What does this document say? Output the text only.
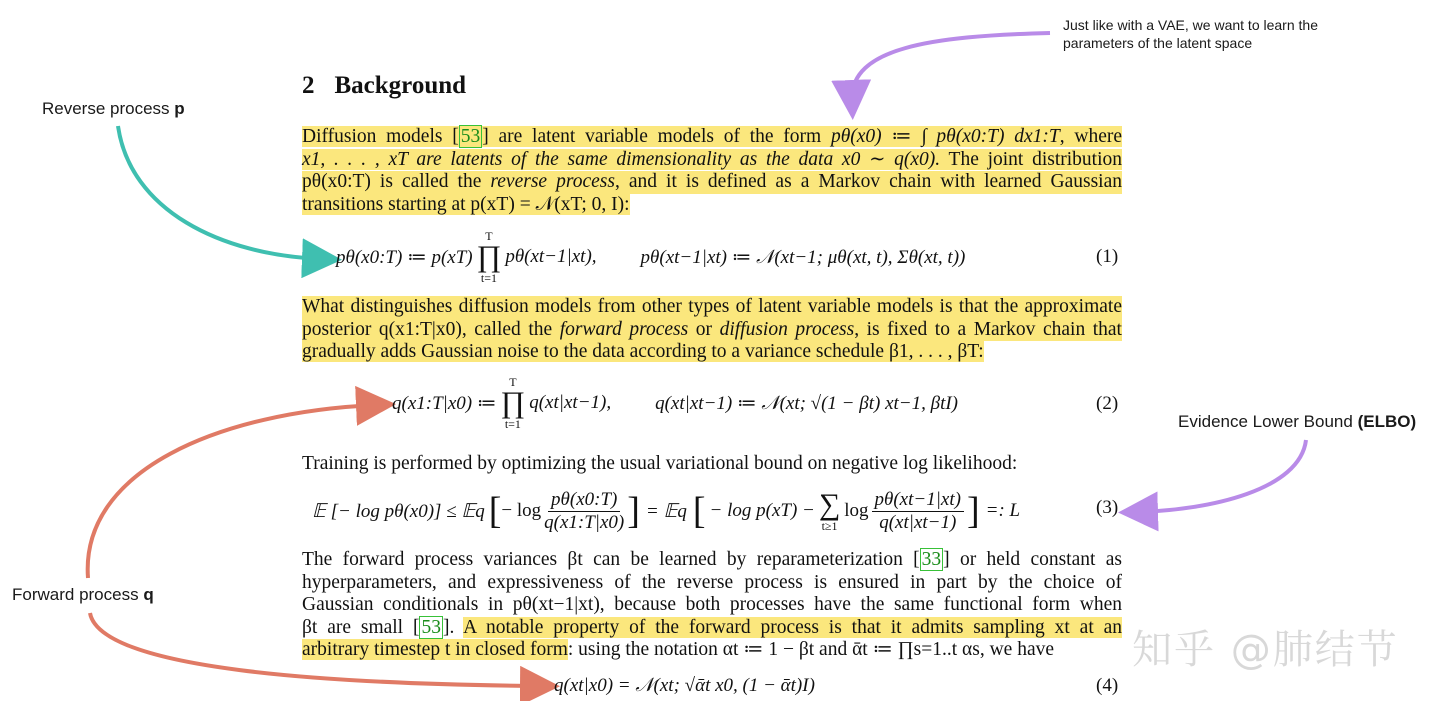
Just like with a VAE, we want to learn the
parameters of the latent space
Reverse process p
Evidence Lower Bound (ELBO)
Forward process q
2 Background
Diffusion models [ 53 ] are latent variable models of the form pθ(x0) ≔ ∫ pθ(x0:T) dx1:T, where
x1, . . . , xT are latents of the same dimensionality as the data x0 ∼ q(x0). The joint distribution
pθ(x0:T) is called the reverse process, and it is defined as a Markov chain with learned Gaussian
transitions starting at p(xT) = 𝒩(xT; 0, I):
pθ(x0:T) ≔ p(xT)
T
∏
t=1
pθ(xt−1|xt), pθ(xt−1|xt) ≔ 𝒩(xt−1; μθ(xt, t), Σθ(xt, t))	(1)
What distinguishes diffusion models from other types of latent variable models is that the approximate
posterior q(x1:T|x0), called the forward process or diffusion process, is fixed to a Markov chain that
gradually adds Gaussian noise to the data according to a variance schedule β1, . . . , βT:
q(x1:T|x0) ≔
T
∏
t=1
q(xt|xt−1), q(xt|xt−1) ≔ 𝒩(xt; √(1 − βt) xt−1, βtI)	(2)
Training is performed by optimizing the usual variational bound on negative log likelihood:
𝔼 [− log pθ(x0)] ≤ 𝔼q [ − $\log \frac{p\theta(x0:T)}{q(x1:T|x0)}$ ] = 𝔼q [ − log p(xT) − ∑
t≥1
$\log \frac{p\theta(xt-1|xt)}{q(xt|xt-1)}$ ] =: L	(3)
The forward process variances βt can be learned by reparameterization [ 33 ] or held constant as
hyperparameters, and expressiveness of the reverse process is ensured in part by the choice of
Gaussian conditionals in pθ(xt−1|xt), because both processes have the same functional form when
βt are small [ 53 ]. A notable property of the forward process is that it admits sampling xt at an
arbitrary timestep t in closed form: using the notation αt ≔ 1 − βt and ᾱt ≔ ∏s=1..t αs, we have
q(xt|x0) = 𝒩(xt; √ᾱt x0, (1 − ᾱt)I)	(4)
知乎 @肺结节
